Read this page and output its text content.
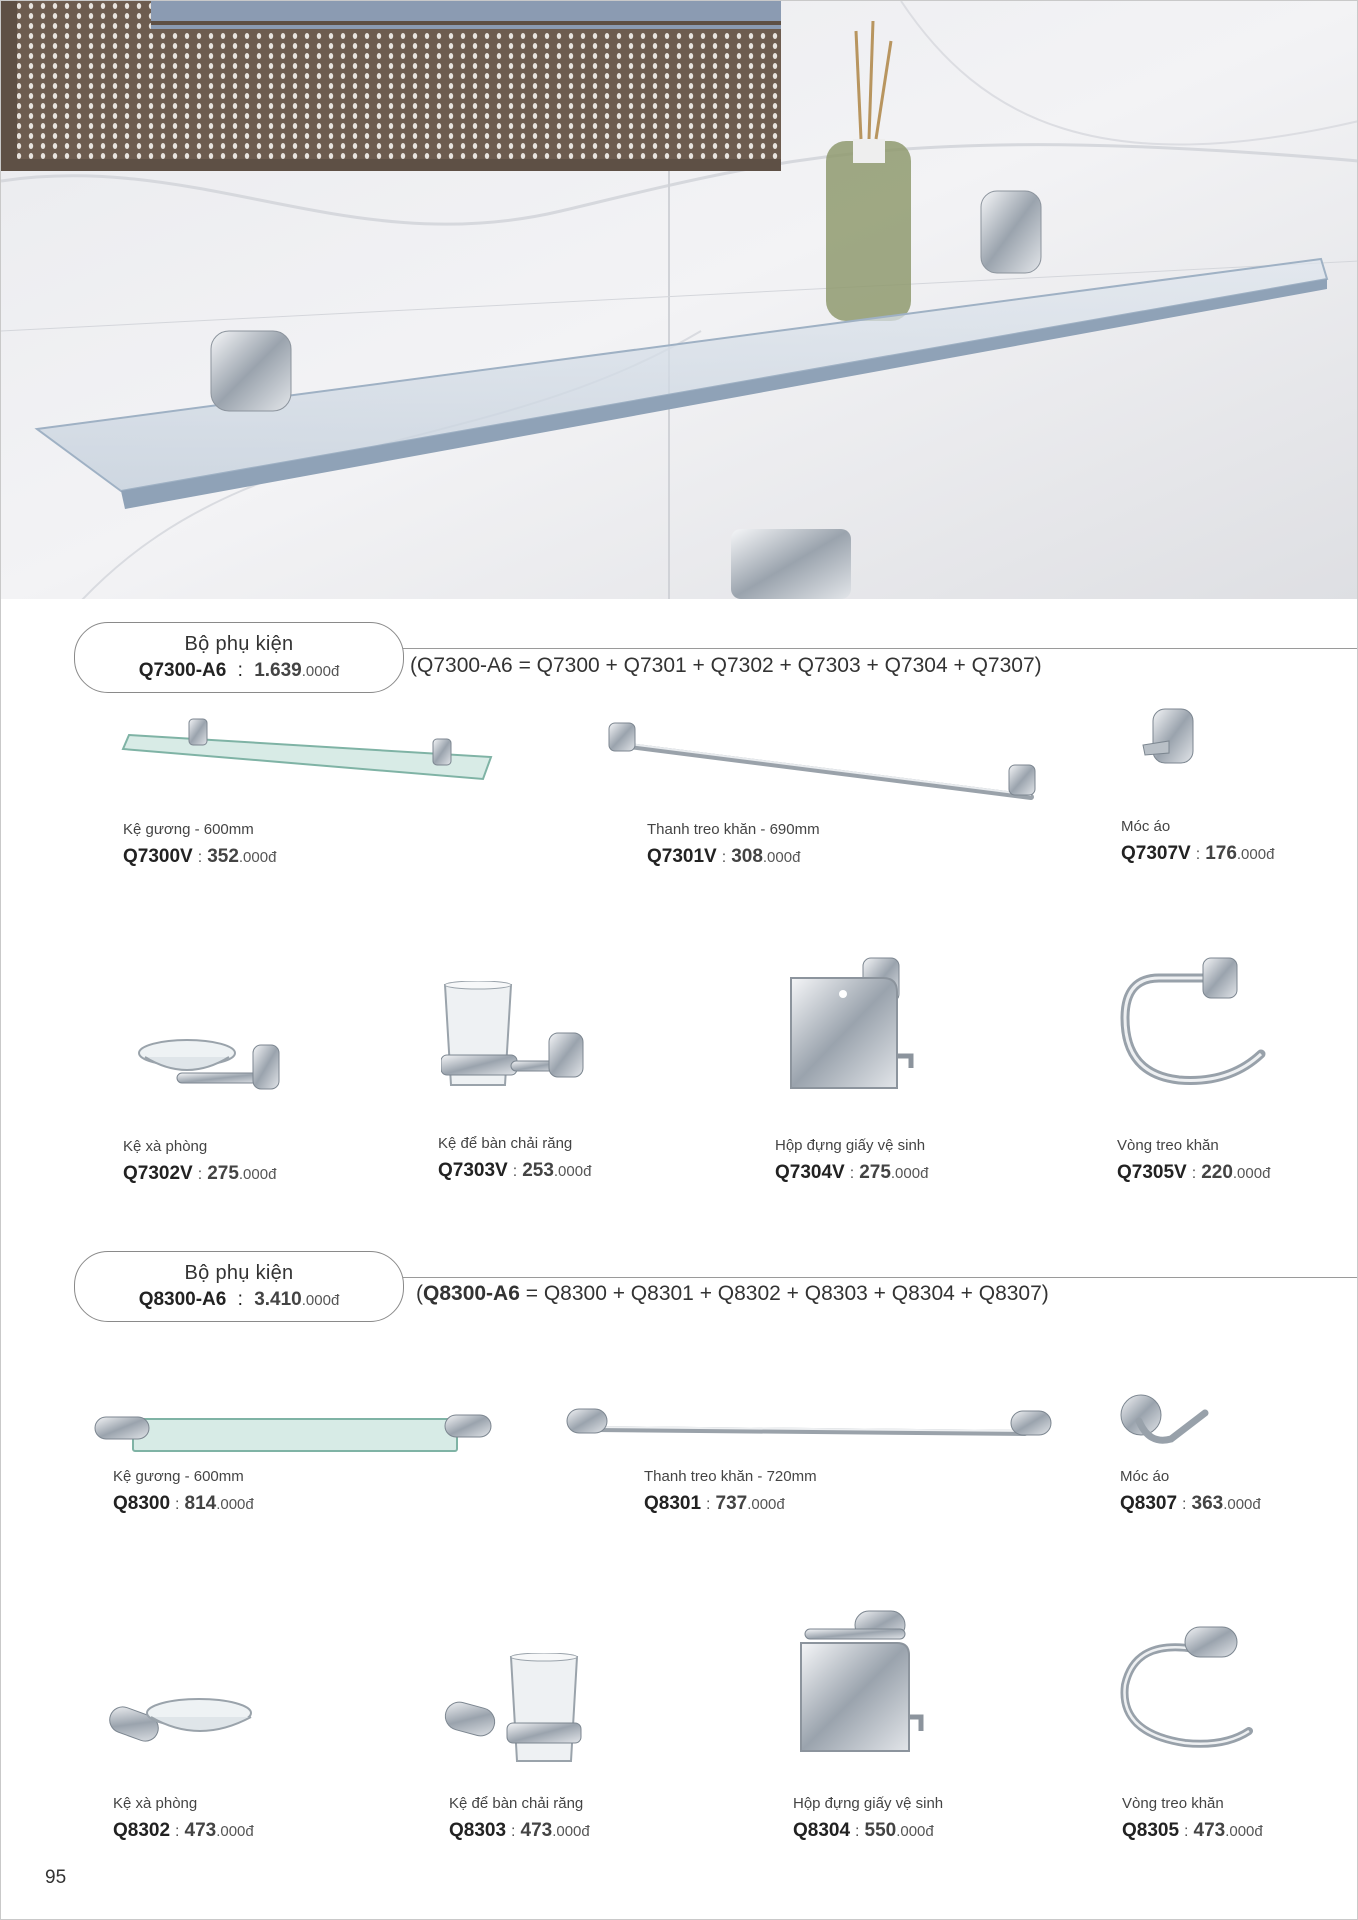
Bộ phụ kiện
Q7300-A6 : 1.639.000đ	(Q7300-A6 = Q7300 + Q7301 + Q7302 + Q7303 + Q7304 + Q7307)
Kệ gương - 600mm
Q7300V : 352.000đ
Thanh treo khăn - 690mm
Q7301V : 308.000đ
Móc áo
Q7307V : 176.000đ
Kệ xà phòng
Q7302V : 275.000đ
Kệ để bàn chải răng
Q7303V : 253.000đ
Hộp đựng giấy vệ sinh
Q7304V : 275.000đ
Vòng treo khăn
Q7305V : 220.000đ
Bộ phụ kiện
Q8300-A6 : 3.410.000đ	(Q8300-A6 = Q8300 + Q8301 + Q8302 + Q8303 + Q8304 + Q8307)
Kệ gương - 600mm
Q8300 : 814.000đ
Thanh treo khăn - 720mm
Q8301 : 737.000đ
Móc áo
Q8307 : 363.000đ
Kệ xà phòng
Q8302 : 473.000đ
Kệ để bàn chải răng
Q8303 : 473.000đ
Hộp đựng giấy vệ sinh
Q8304 : 550.000đ
Vòng treo khăn
Q8305 : 473.000đ
95
